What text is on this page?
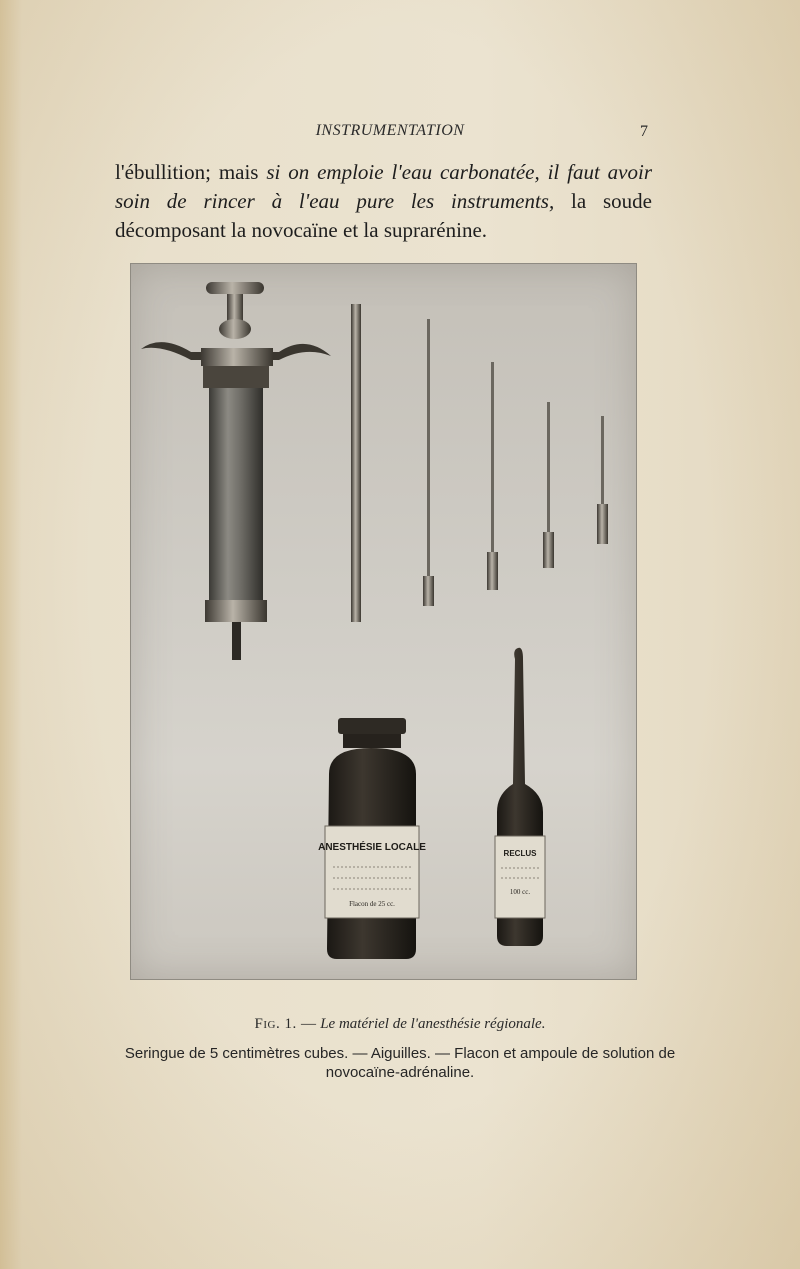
INSTRUMENTATION	7

l'ébullition; mais si on emploie l'eau carbonatée, il faut avoir soin de rincer à l'eau pure les instruments, la soude décomposant la novocaïne et la suprarénine.

ANESTHÉSIE LOCALE
Flacon de 25 cc.
RECLUS
100 cc.
Fig. 1. — Le matériel de l'anesthésie régionale.
Seringue de 5 centimètres cubes. — Aiguilles. — Flacon et ampoule de solution de novocaïne-adrénaline.
